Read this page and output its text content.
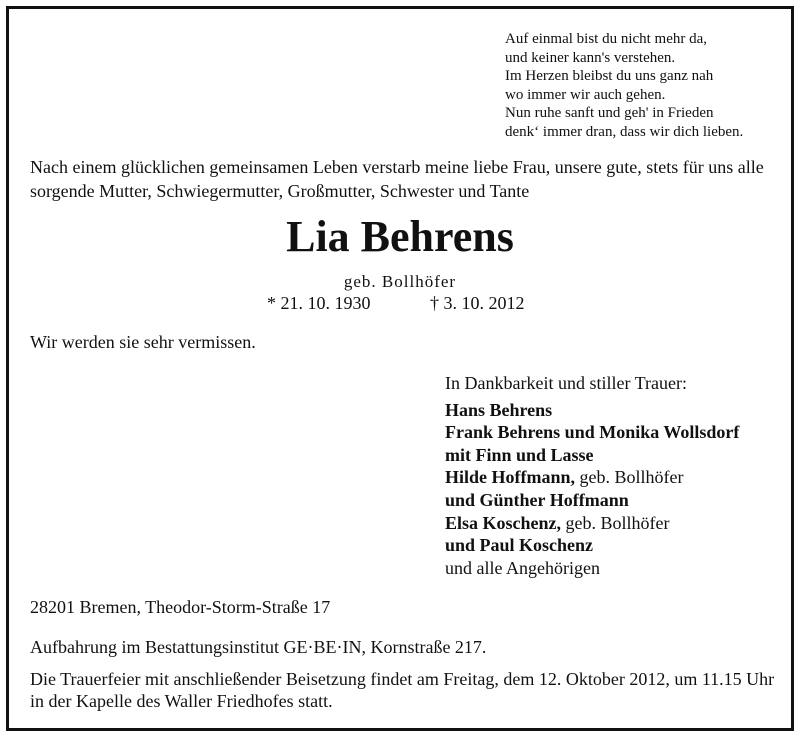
Auf einmal bist du nicht mehr da,
und keiner kann's verstehen.
Im Herzen bleibst du uns ganz nah
wo immer wir auch gehen.
Nun ruhe sanft und geh' in Frieden
denk‘ immer dran, dass wir dich lieben.
Nach einem glücklichen gemeinsamen Leben verstarb meine liebe Frau, unsere gute, stets für uns alle sorgende Mutter, Schwiegermutter, Großmutter, Schwester und Tante
Lia Behrens
geb. Bollhöfer
* 21. 10. 1930	† 3. 10. 2012
Wir werden sie sehr vermissen.
In Dankbarkeit und stiller Trauer:
Hans Behrens
Frank Behrens und Monika Wollsdorf
mit Finn und Lasse
Hilde Hoffmann, geb. Bollhöfer
und Günther Hoffmann
Elsa Koschenz, geb. Bollhöfer
und Paul Koschenz
und alle Angehörigen
28201 Bremen, Theodor-Storm-Straße 17
Aufbahrung im Bestattungsinstitut GE·BE·IN, Kornstraße 217.
Die Trauerfeier mit anschließender Beisetzung findet am Freitag, dem 12. Oktober 2012, um 11.15 Uhr in der Kapelle des Waller Friedhofes statt.
